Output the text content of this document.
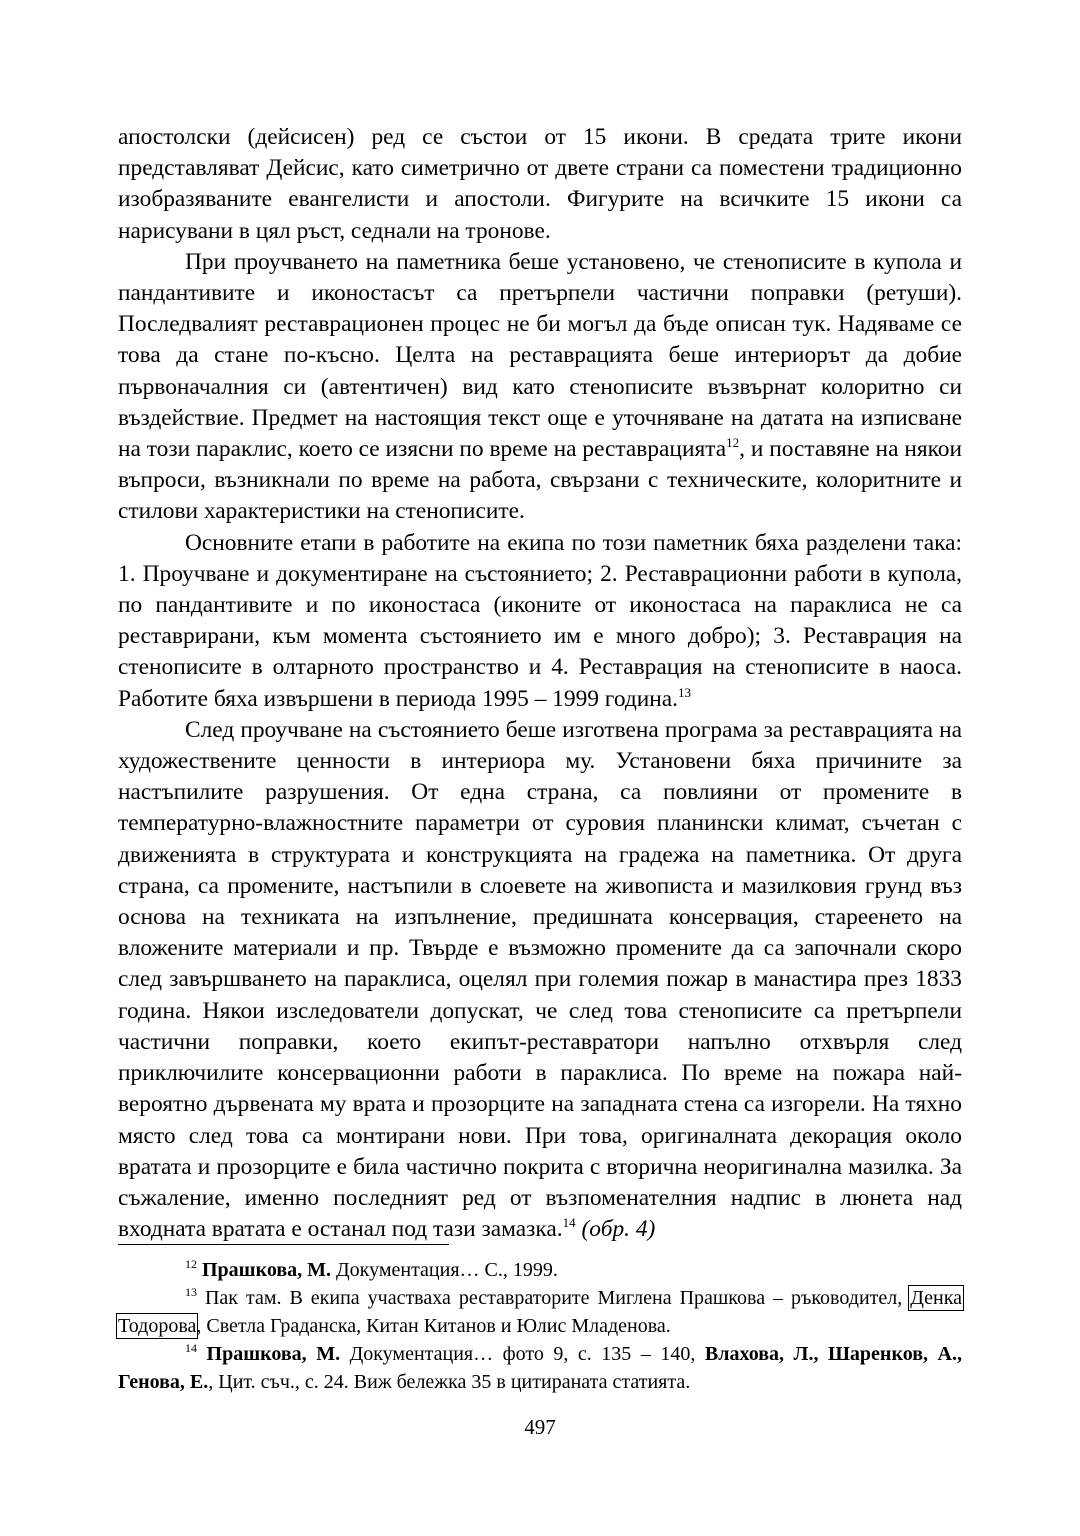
апостолски (дейсисен) ред се състои от 15 икони. В средата трите икони представляват Дейсис, като симетрично от двете страни са поместени традиционно изобразяваните евангелисти и апостоли. Фигурите на всичките 15 икони са нарисувани в цял ръст, седнали на тронове.

При проучването на паметника беше установено, че стенописите в купола и пандантивите и иконостасът са претърпели частични поправки (ретуши). Последвалият реставрационен процес не би могъл да бъде описан тук. Надяваме се това да стане по-късно. Целта на реставрацията беше интериорът да добие първоначалния си (автентичен) вид като стенописите възвърнат колоритно си въздействие. Предмет на настоящия текст още е уточняване на датата на изписване на този параклис, което се изясни по време на реставрацията$^{12}$, и поставяне на някои въпроси, възникнали по време на работа, свързани с техническите, колоритните и стилови характеристики на стенописите.

Основните етапи в работите на екипа по този паметник бяха разделени така: 1. Проучване и документиране на състоянието; 2. Реставрационни работи в купола, по пандантивите и по иконостаса (иконите от иконостаса на параклиса не са реставрирани, към момента състоянието им е много добро); 3. Реставрация на стенописите в олтарното пространство и 4. Реставрация на стенописите в наоса. Работите бяха извършени в периода 1995 – 1999 година.$^{13}$

След проучване на състоянието беше изготвена програма за реставрацията на художествените ценности в интериора му. Установени бяха причините за настъпилите разрушения. От една страна, са повлияни от промените в температурно-влажностните параметри от суровия планински климат, съчетан с движенията в структурата и конструкцията на градежа на паметника. От друга страна, са промените, настъпили в слоевете на живописта и мазилковия грунд въз основа на техниката на изпълнение, предишната консервация, стареенето на вложените материали и пр. Твърде е възможно промените да са започнали скоро след завършването на параклиса, оцелял при големия пожар в манастира през 1833 година. Някои изследователи допускат, че след това стенописите са претърпели частични поправки, което екипът-реставратори напълно отхвърля след приключилите консервационни работи в параклиса. По време на пожара най-вероятно дървената му врата и прозорците на западната стена са изгорели. На тяхно място след това са монтирани нови. При това, оригиналната декорация около вратата и прозорците е била частично покрита с вторична неоригинална мазилка. За съжаление, именно последният ред от възпоменателния надпис в люнета над входната вратата е останал под тази замазка.$^{14}$ (обр. 4)

$^{12}$ Прашкова, М. Документация… С., 1999.

$^{13}$ Пак там. В екипа участваха реставраторите Миглена Прашкова – ръководител, Денка Тодорова, Светла Граданска, Китан Китанов и Юлис Младенова.

$^{14}$ Прашкова, М. Документация… фото 9, с. 135 – 140, Влахова, Л., Шаренков, А., Генова, Е., Цит. съч., с. 24. Виж бележка 35 в цитираната статията.

497
